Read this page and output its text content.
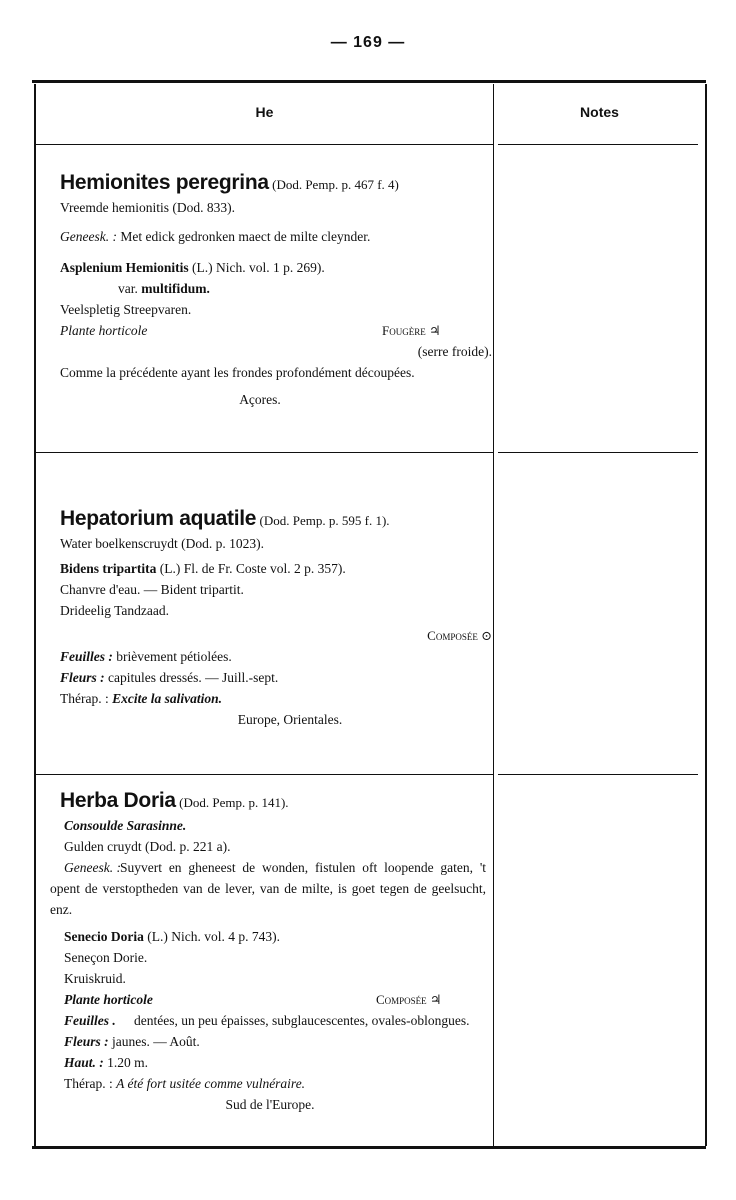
— 169 —
He	Notes
Hemionites peregrina (Dod. Pemp. p. 467 f. 4)
Vreemde hemionitis (Dod. 833).
Geneesk. : Met edick gedronken maect de milte cleynder.
Asplenium Hemionitis (L.) Nich. vol. 1 p. 269).
var. multifidum.
Veelspletig Streepvaren.
Plante horticole	Fougère ♃
(serre froide).
Comme la précédente ayant les frondes profondément découpées.
Açores.
Hepatorium aquatile (Dod. Pemp. p. 595 f. 1).
Water boelkenscruydt (Dod. p. 1023).
Bidens tripartita (L.) Fl. de Fr. Coste vol. 2 p. 357).
Chanvre d'eau. — Bident tripartit.
Drideelig Tandzaad.
Composée ⊙
Feuilles : brièvement pétiolées.
Fleurs : capitules dressés. — Juill.-sept.
Thérap. : Excite la salivation.
Europe, Orientales.
Herba Doria (Dod. Pemp. p. 141).
Consoulde Sarasinne.
Gulden cruydt (Dod. p. 221 a).
Geneesk. : Suyvert en gheneest de wonden, fistulen oft loopende gaten, 't opent de verstoptheden van de lever, van de milte, is goet tegen de geelsucht, enz.
Senecio Doria (L.) Nich. vol. 4 p. 743).
Seneçon Dorie.
Kruiskruid.
Plante horticole	Composée ♃
Feuilles .	dentées, un peu épaisses, subglaucescentes, ovales-oblongues.
Fleurs : jaunes. — Août.
Haut. : 1.20 m.
Thérap. : A été fort usitée comme vulnéraire.
Sud de l'Europe.
